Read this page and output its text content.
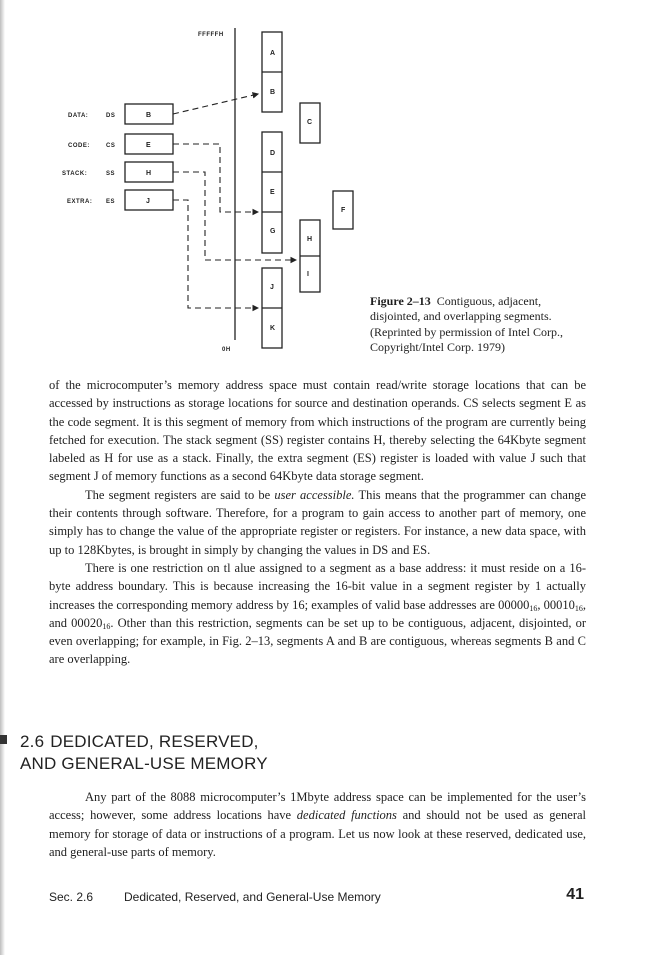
FFFFFH
0H
DATA:	DS
CODE:	CS
STACK:	SS
EXTRA: ES
B
E
H
J
A
B
C
D
E
F
G
H
I
J
K
Figure 2–13 Contiguous, adjacent, disjointed, and overlapping segments. (Reprinted by permission of Intel Corp., Copyright/Intel Corp. 1979)

of the microcomputer’s memory address space must contain read/write storage locations that can be accessed by instructions as storage locations for source and destination operands. CS selects segment E as the code segment. It is this segment of memory from which instructions of the program are currently being fetched for execution. The stack segment (SS) register contains H, thereby selecting the 64Kbyte segment labeled as H for use as a stack. Finally, the extra segment (ES) register is loaded with value J such that segment J of memory functions as a second 64Kbyte data storage segment.

The segment registers are said to be user accessible. This means that the programmer can change their contents through software. Therefore, for a program to gain access to another part of memory, one simply has to change the value of the appropriate register or registers. For instance, a new data space, with up to 128Kbytes, is brought in simply by changing the values in DS and ES.

There is one restriction on tl alue assigned to a segment as a base address: it must reside on a 16-byte address boundary. This is because increasing the 16-bit value in a segment register by 1 actually increases the corresponding memory address by 16; examples of valid base addresses are $00000_{16}$, $00010_{16}$, and $00020_{16}$. Other than this restriction, segments can be set up to be contiguous, adjacent, disjointed, or even overlapping; for example, in Fig. 2–13, segments A and B are contiguous, whereas segments B and C are overlapping.

2.6 DEDICATED, RESERVED,
AND GENERAL-USE MEMORY

Any part of the 8088 microcomputer’s 1Mbyte address space can be implemented for the user’s access; however, some address locations have dedicated functions and should not be used as general memory for storage of data or instructions of a program. Let us now look at these reserved, dedicated use, and general-use parts of memory.

Sec. 2.6	Dedicated, Reserved, and General-Use Memory	41
